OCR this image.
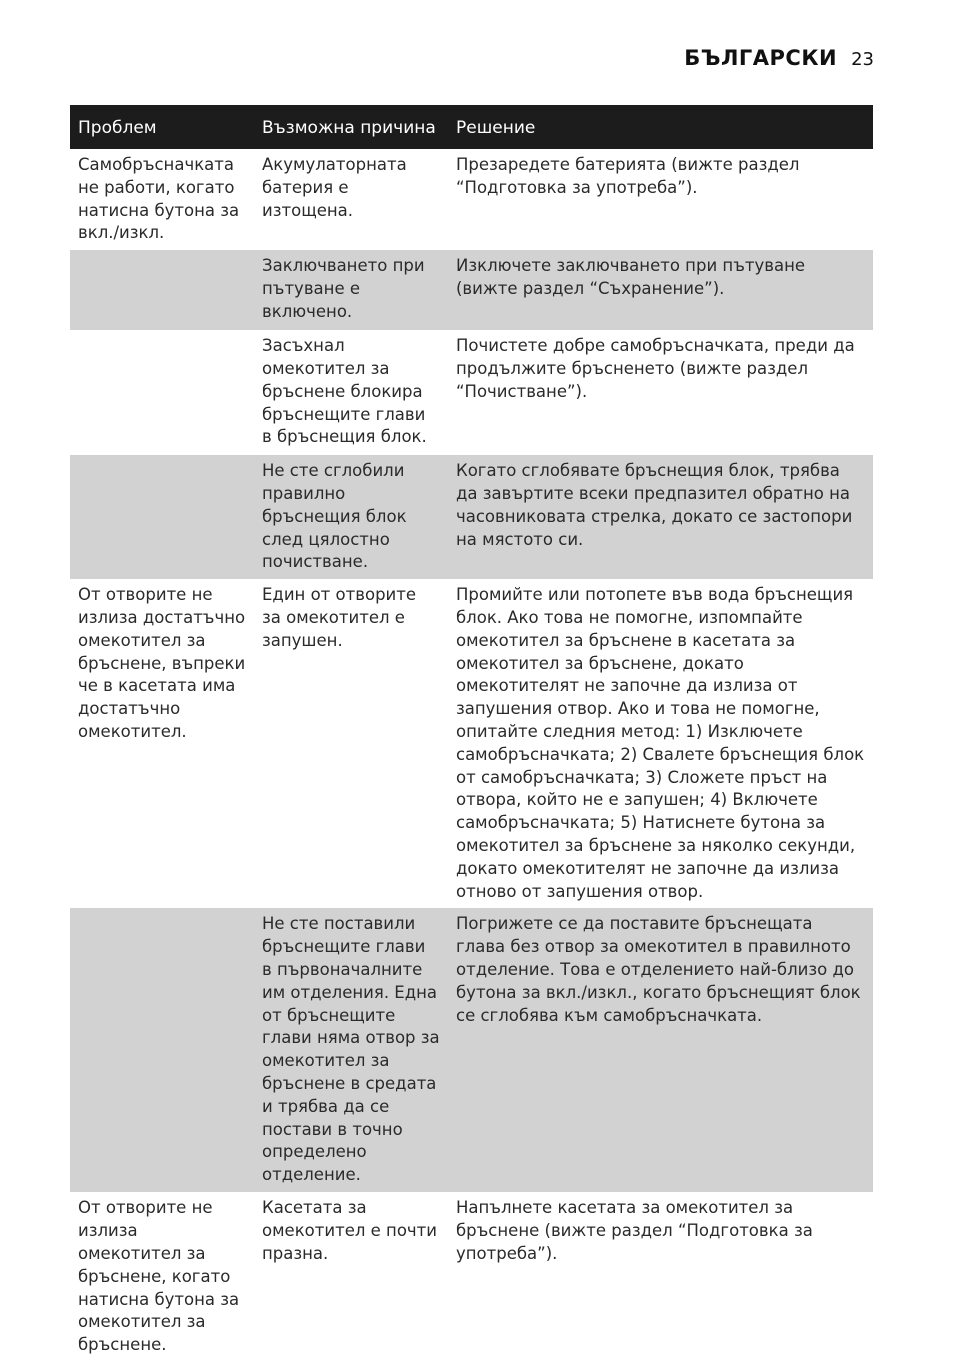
БЪЛГАРСКИ 23
Проблем	Възможна причина	Решение
Самобръсначката не работи, когато натисна бутона за вкл./изкл.	Акумулаторната батерия е изтощена.	Презаредете батерията (вижте раздел “Подготовка за употреба”).
	Заключването при пътуване е включено.	Изключете заключването при пътуване (вижте раздел “Съхранение”).
	Засъхнал омекотител за бръснене блокира бръснещите глави в бръснещия блок.	Почистете добре самобръсначката, преди да продължите бръсненето (вижте раздел “Почистване”).
	Не сте сглобили правилно бръснещия блок след цялостно почистване.	Когато сглобявате бръснещия блок, трябва да завъртите всеки предпазител обратно на часовниковата стрелка, докато се застопори на мястото си.
От отворите не излиза достатъчно омекотител за бръснене, въпреки че в касетата има достатъчно омекотител.	Един от отворите за омекотител е запушен.	Промийте или потопете във вода бръснещия блок. Ако това не помогне, изпомпайте омекотител за бръснене в касетата за омекотител за бръснене, докато омекотителят не започне да излиза от запушения отвор. Ако и това не помогне, опитайте следния метод: 1) Изключете самобръсначката; 2) Свалете бръснещия блок от самобръсначката; 3) Сложете пръст на отвора, който не е запушен; 4) Включете самобръсначката; 5) Натиснете бутона за омекотител за бръснене за няколко секунди, докато омекотителят не започне да излиза отново от запушения отвор.
	Не сте поставили бръснещите глави в първоначалните им отделения. Една от бръснещите глави няма отвор за омекотител за бръснене в средата и трябва да се постави в точно определено отделение.	Погрижете се да поставите бръснещата глава без отвор за омекотител в правилното отделение. Това е отделението най-близо до бутона за вкл./изкл., когато бръснещият блок се сглобява към самобръсначката.
От отворите не излиза омекотител за бръснене, когато натисна бутона за омекотител за бръснене.	Касетата за омекотител е почти празна.	Напълнете касетата за омекотител за бръснене (вижте раздел “Подготовка за употреба”).
